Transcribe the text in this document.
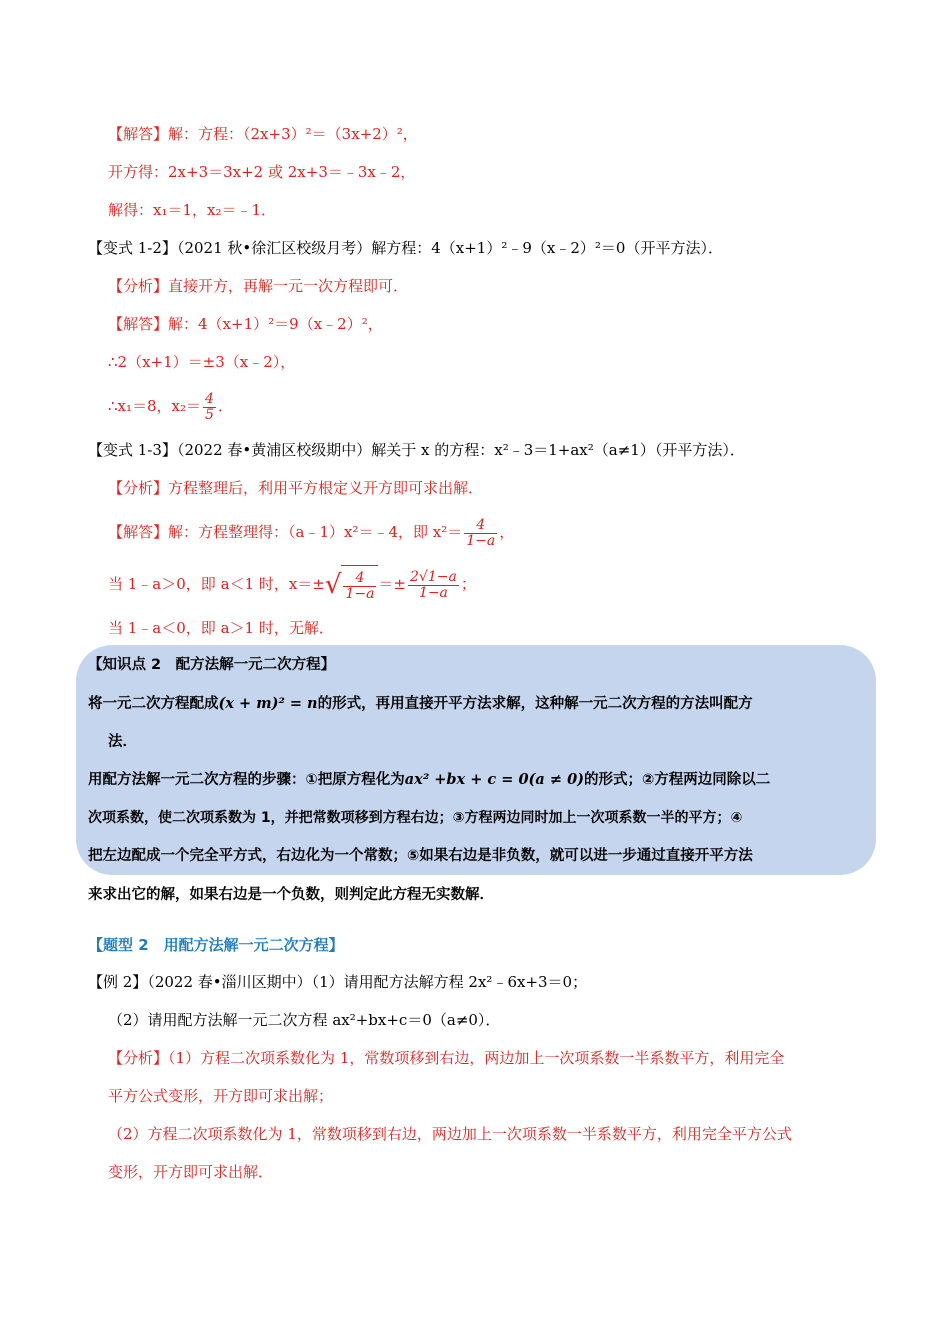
【解答】解：方程：（2x+3）²＝（3x+2）²，
开方得：2x+3＝3x+2 或 2x+3＝﹣3x﹣2，
解得：x₁＝1，x₂＝﹣1．
【变式 1-2】（2021 秋•徐汇区校级月考）解方程：4（x+1）²﹣9（x﹣2）²＝0（开平方法）．
【分析】直接开方，再解一元一次方程即可．
【解答】解：4（x+1）²＝9（x﹣2）²，
∴2（x+1）＝±3（x﹣2），
∴x₁＝8，$x_2= \frac{4}{5}$ ．
【变式 1-3】（2022 春•黄浦区校级期中）解关于 x 的方程：x²﹣3＝1+ax²（a≠1）（开平方法）．
【分析】方程整理后，利用平方根定义开方即可求出解．
【解答】解：方程整理得：（a﹣1）x²＝﹣4，即 $x^2= \frac{4}{1-a}$ ，
当 1﹣a＞0，即 a＜1 时，$x=\pm√ \frac{4}{1-a} =\pm \frac{2√1-a}{1-a}$ ；
当 1﹣a＜0，即 a＞1 时，无解．
【知识点 2　配方法解一元二次方程】
将一元二次方程配成(x + m)² = n的形式，再用直接开平方法求解，这种解一元二次方程的方法叫配方
法．
用配方法解一元二次方程的步骤：①把原方程化为ax² +bx + c = 0(a ≠ 0)的形式；②方程两边同除以二
次项系数，使二次项系数为 1，并把常数项移到方程右边；③方程两边同时加上一次项系数一半的平方；④
把左边配成一个完全平方式，右边化为一个常数；⑤如果右边是非负数，就可以进一步通过直接开平方法
来求出它的解，如果右边是一个负数，则判定此方程无实数解．
【题型 2　用配方法解一元二次方程】
【例 2】（2022 春•淄川区期中）（1）请用配方法解方程 2x²﹣6x+3＝0；
（2）请用配方法解一元二次方程 ax²+bx+c＝0（a≠0）．
【分析】（1）方程二次项系数化为 1，常数项移到右边，两边加上一次项系数一半系数平方，利用完全
平方公式变形，开方即可求出解；
（2）方程二次项系数化为 1，常数项移到右边，两边加上一次项系数一半系数平方，利用完全平方公式
变形，开方即可求出解．
